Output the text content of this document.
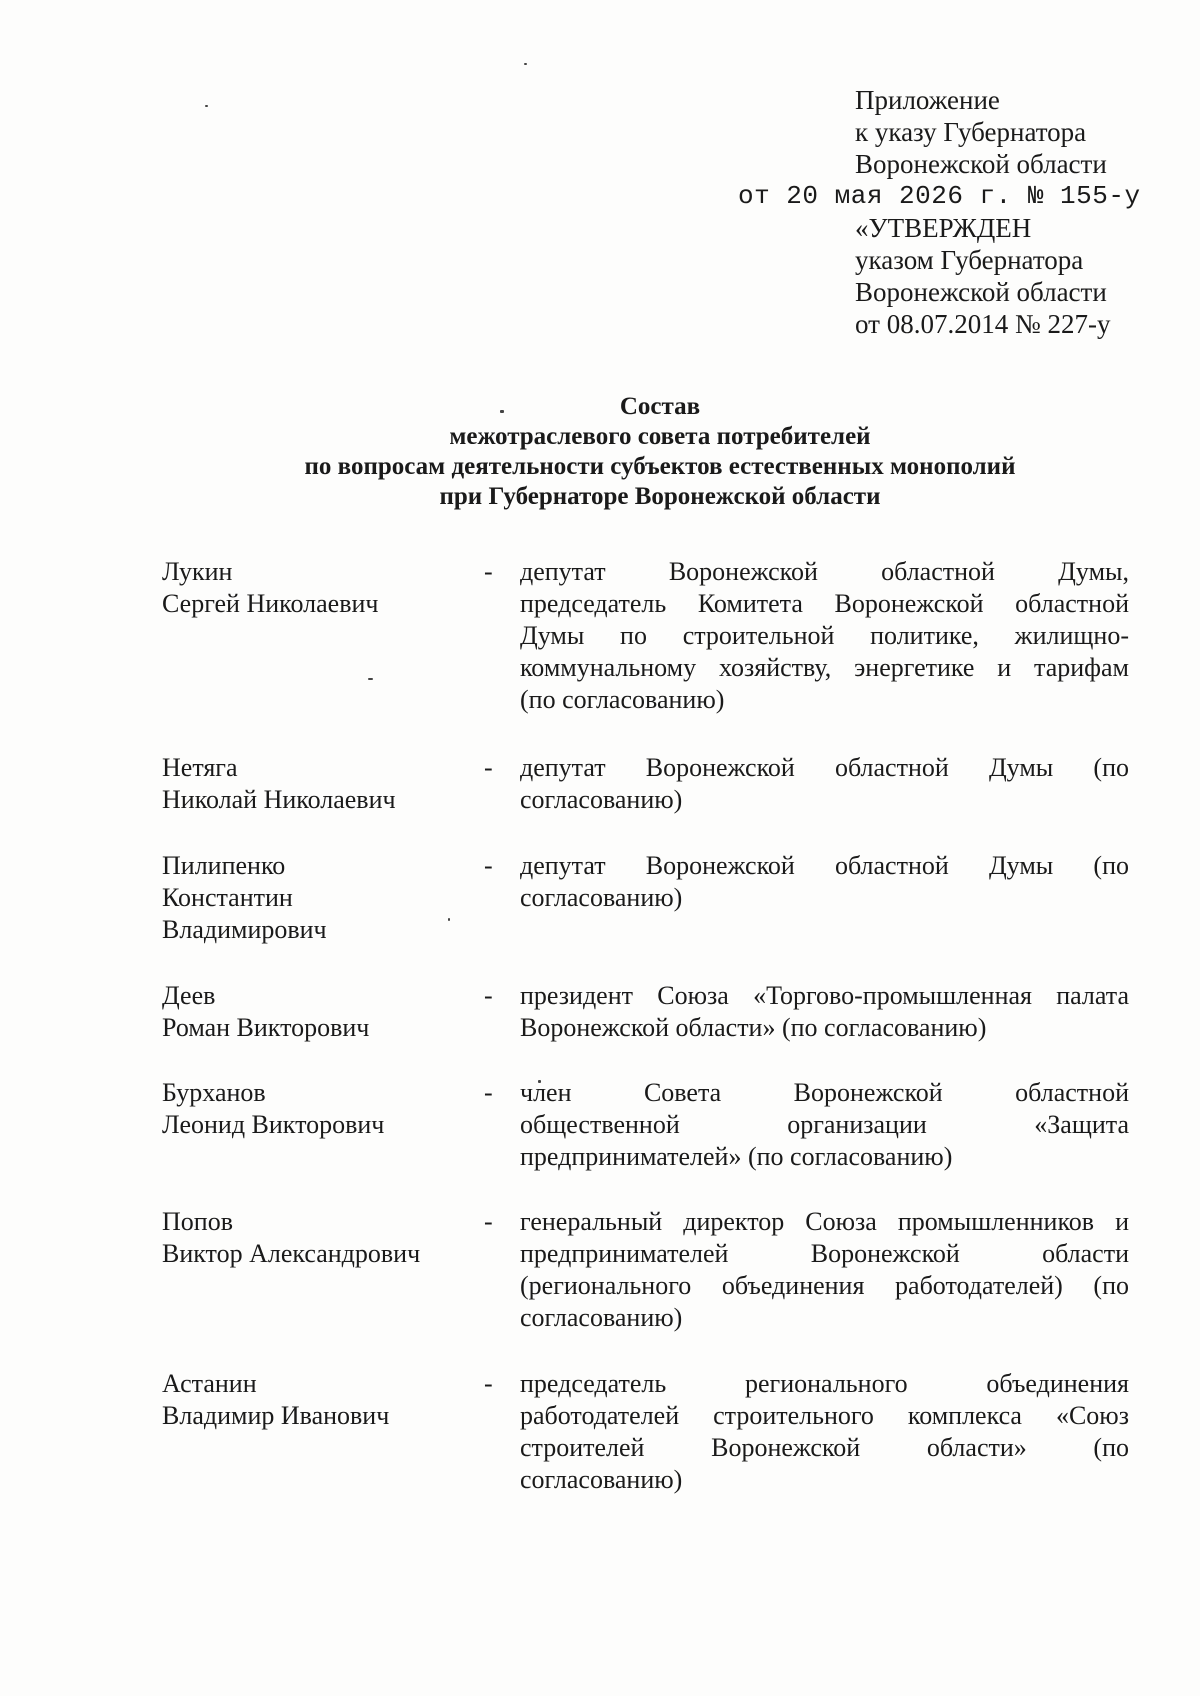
Приложение
к указу Губернатора
Воронежской области
от 20 мая 2026 г. № 155-у
«УТВЕРЖДЕН
указом Губернатора
Воронежской области
от 08.07.2014 № 227-у
Состав
межотраслевого совета потребителей
по вопросам деятельности субъектов естественных монополий
при Губернаторе Воронежской области
Лукин
Сергей Николаевич
- депутат Воронежской областной Думы,
председатель Комитета Воронежской областной
Думы по строительной политике, жилищно-
коммунальному хозяйству, энергетике и тарифам
(по согласованию)
Нетяга
Николай Николаевич
- депутат Воронежской областной Думы (по
согласованию)
Пилипенко
Константин
Владимирович
- депутат Воронежской областной Думы (по
согласованию)
Деев
Роман Викторович
- президент Союза «Торгово-промышленная палата
Воронежской области» (по согласованию)
Бурханов
Леонид Викторович
- член Совета Воронежской областной
общественной организации «Защита
предпринимателей» (по согласованию)
Попов
Виктор Александрович
- генеральный директор Союза промышленников и
предпринимателей Воронежской области
(регионального объединения работодателей) (по
согласованию)
Астанин
Владимир Иванович
- председатель регионального объединения
работодателей строительного комплекса «Союз
строителей Воронежской области» (по
согласованию)
